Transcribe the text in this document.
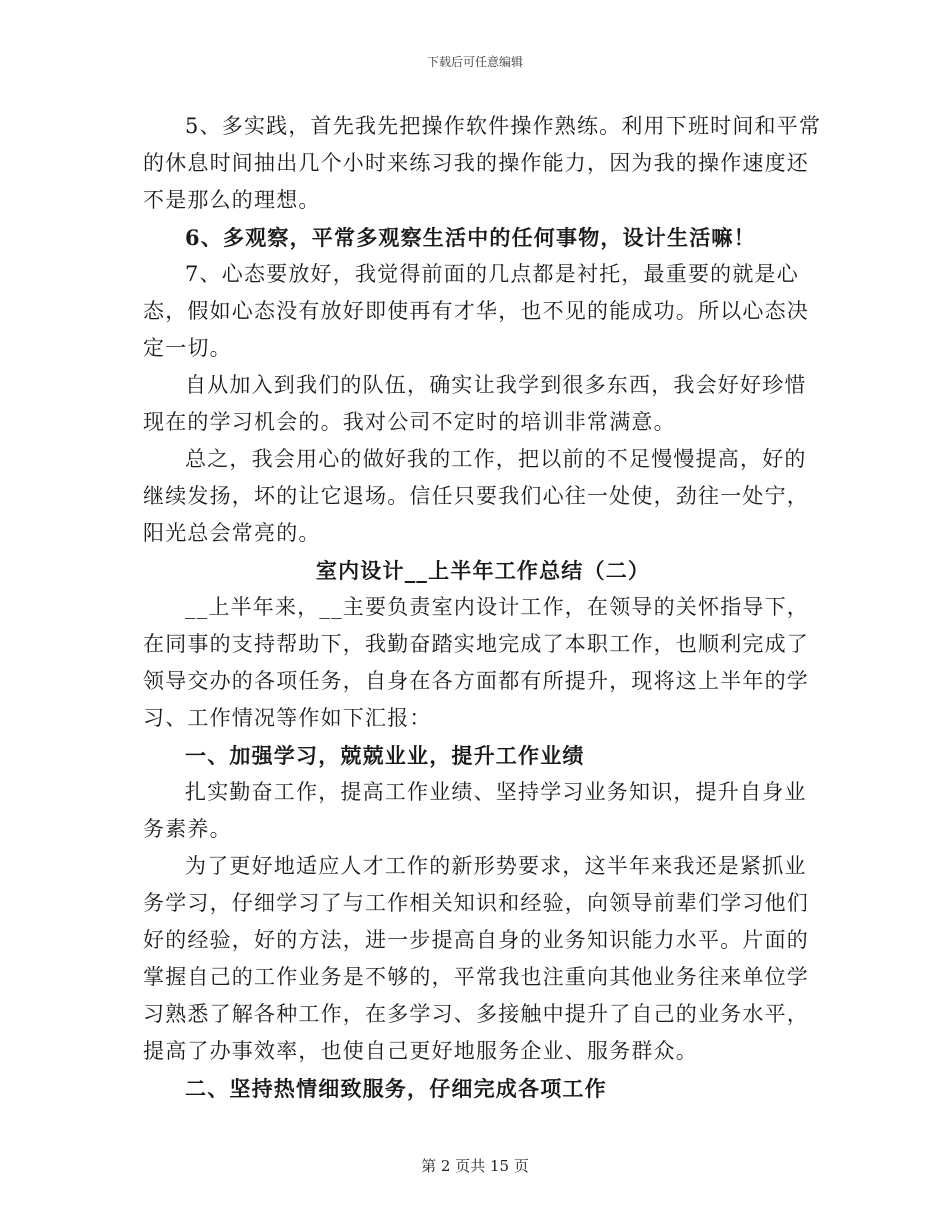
下载后可任意编辑

5、多实践，首先我先把操作软件操作熟练。利用下班时间和平常的休息时间抽出几个小时来练习我的操作能力，因为我的操作速度还不是那么的理想。

6、多观察，平常多观察生活中的任何事物，设计生活嘛！

7、心态要放好，我觉得前面的几点都是衬托，最重要的就是心态，假如心态没有放好即使再有才华，也不见的能成功。所以心态决定一切。

自从加入到我们的队伍，确实让我学到很多东西，我会好好珍惜现在的学习机会的。我对公司不定时的培训非常满意。

总之，我会用心的做好我的工作，把以前的不足慢慢提高，好的继续发扬，坏的让它退场。信任只要我们心往一处使，劲往一处宁，阳光总会常亮的。

室内设计__上半年工作总结（二）

__上半年来，__主要负责室内设计工作，在领导的关怀指导下，在同事的支持帮助下，我勤奋踏实地完成了本职工作，也顺利完成了领导交办的各项任务，自身在各方面都有所提升，现将这上半年的学习、工作情况等作如下汇报：

一、加强学习，兢兢业业，提升工作业绩

扎实勤奋工作，提高工作业绩、坚持学习业务知识，提升自身业务素养。

为了更好地适应人才工作的新形势要求，这半年来我还是紧抓业务学习，仔细学习了与工作相关知识和经验，向领导前辈们学习他们好的经验，好的方法，进一步提高自身的业务知识能力水平。片面的掌握自己的工作业务是不够的，平常我也注重向其他业务往来单位学习熟悉了解各种工作，在多学习、多接触中提升了自己的业务水平，提高了办事效率，也使自己更好地服务企业、服务群众。

二、坚持热情细致服务，仔细完成各项工作

第 2 页共 15 页
